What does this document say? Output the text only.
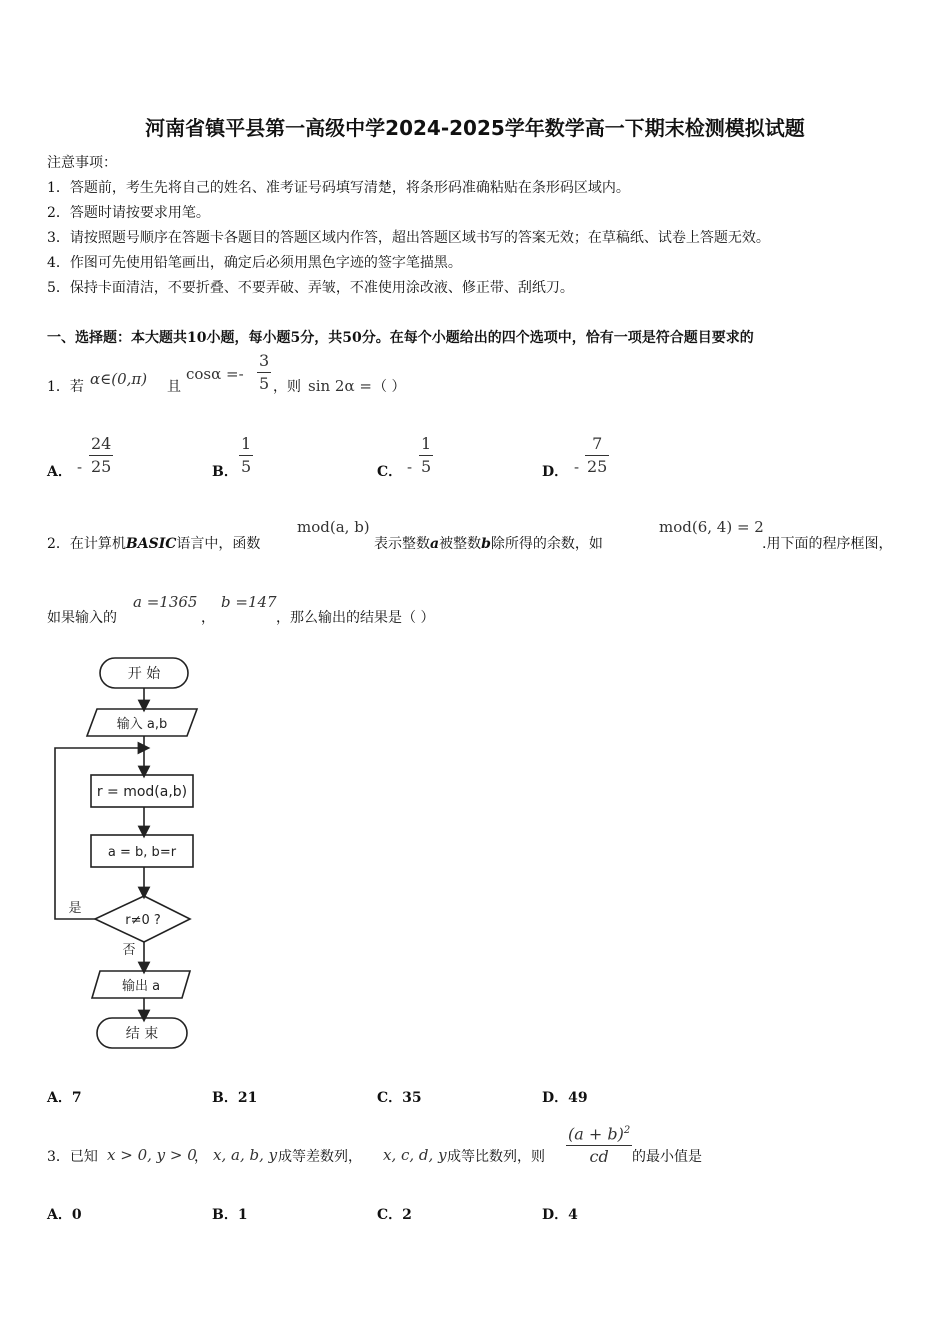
河南省镇平县第一高级中学2024-2025学年数学高一下期末检测模拟试题
注意事项：
1．答题前，考生先将自己的姓名、准考证号码填写清楚，将条形码准确粘贴在条形码区域内。
2．答题时请按要求用笔。
3．请按照题号顺序在答题卡各题目的答题区域内作答，超出答题区域书写的答案无效；在草稿纸、试卷上答题无效。
4．作图可先使用铅笔画出，确定后必须用黑色字迹的签字笔描黑。
5．保持卡面清洁，不要折叠、不要弄破、弄皱，不准使用涂改液、修正带、刮纸刀。
一、选择题：本大题共10小题，每小题5分，共50分。在每个小题给出的四个选项中，恰有一项是符合题目要求的
1．若 α∈(0,π) 且
$\cos\alpha =- \frac{3}{5}$ ，则 sin 2α = （ ）
A． - $\frac{24}{25}$	B． $\frac{1}{5}$	C． - $\frac{1}{5}$	D． - $\frac{7}{25}$
2．在计算机BASIC语言中，函数
mod(a, b)
表示整数a被整数b除所得的余数，如
mod(6, 4) = 2
.用下面的程序框图，
如果输入的
a =1365
，
b =147
，那么输出的结果是（ ）
开 始
输入 a,b
r = mod(a,b)
a = b, b=r
r≠0 ?
是
否
输出 a
结 束
A．7	B．21	C．35	D．49
3．已知 x > 0, y > 0
， x, a, b, y 成等差数列， x, c, d, y 成等比数列，则 $\frac{(a + b)^2}{cd}$ 的最小值是
A．0	B．1	C．2	D．4
